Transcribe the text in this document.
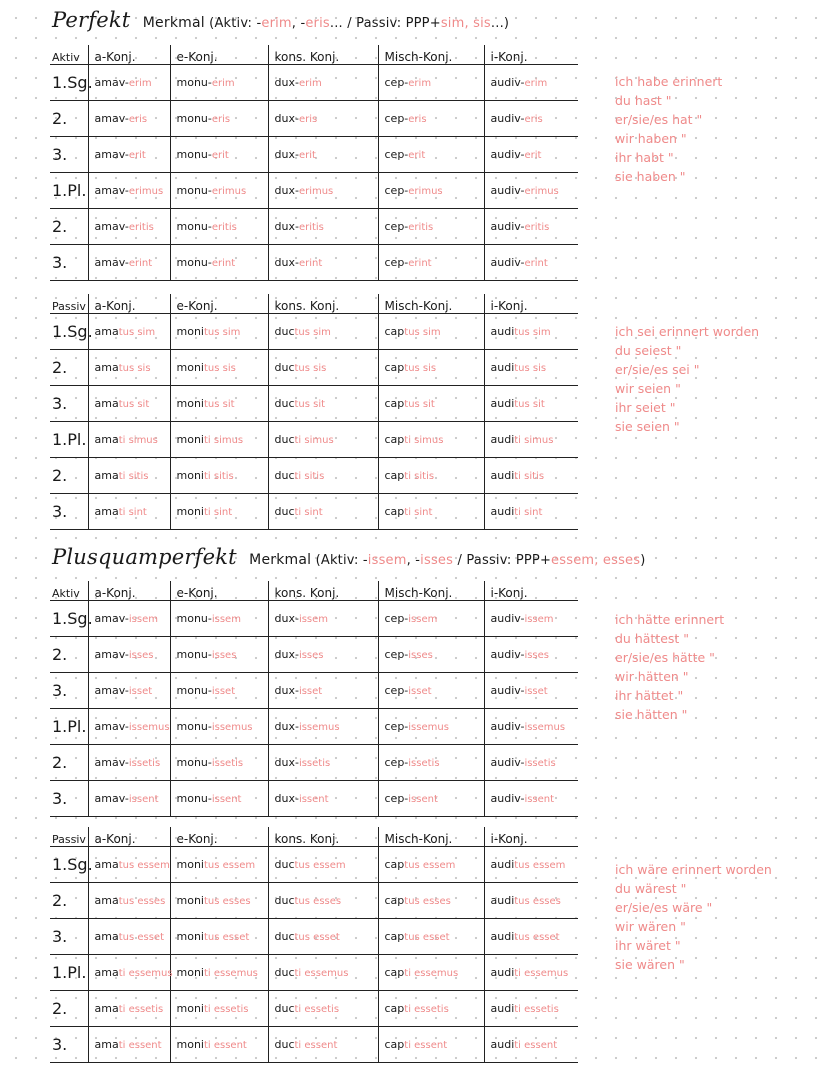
Perfekt Merkmal (Aktiv: -erim, -eris... / Passiv: PPP+sim, sis...)
Plusquamperfekt Merkmal (Aktiv: -issem, -isses / Passiv: PPP+essem, esses)
Aktiv	a-Konj.	e-Konj.	kons. Konj.	Misch-Konj.	i-Konj.
1.Sg.	amav-erim	monu-erim	dux-erim	cep-erim	audiv-erim
2.	amav-eris	monu-eris	dux-eris	cep-eris	audiv-eris
3.	amav-erit	monu-erit	dux-erit	cep-erit	audiv-erit
1.Pl.	amav-erimus	monu-erimus	dux-erimus	cep-erimus	audiv-erimus
2.	amav-eritis	monu-eritis	dux-eritis	cep-eritis	audiv-eritis
3.	amav-erint	monu-erint	dux-erint	cep-erint	audiv-erint
Passiv	a-Konj.	e-Konj.	kons. Konj.	Misch-Konj.	i-Konj.
1.Sg.	amatus sim	monitus sim	ductus sim	captus sim	auditus sim
2.	amatus sis	monitus sis	ductus sis	captus sis	auditus sis
3.	amatus sit	monitus sit	ductus sit	captus sit	auditus sit
1.Pl.	amati simus	moniti simus	ducti simus	capti simus	auditi simus
2.	amati sitis	moniti sitis	ducti sitis	capti sitis	auditi sitis
3.	amati sint	moniti sint	ducti sint	capti sint	auditi sint
Aktiv	a-Konj.	e-Konj.	kons. Konj.	Misch-Konj.	i-Konj.
1.Sg.	amav-issem	monu-issem	dux-issem	cep-issem	audiv-issem
2.	amav-isses	monu-isses	dux-isses	cep-isses	audiv-isses
3.	amav-isset	monu-isset	dux-isset	cep-isset	audiv-isset
1.Pl.	amav-issemus	monu-issemus	dux-issemus	cep-issemus	audiv-issemus
2.	amav-issetis	monu-issetis	dux-issetis	cep-issetis	audiv-issetis
3.	amav-issent	monu-issent	dux-issent	cep-issent	audiv-issent
Passiv	a-Konj.	e-Konj.	kons. Konj.	Misch-Konj.	i-Konj.
1.Sg.	amatus essem	monitus essem	ductus essem	captus essem	auditus essem
2.	amatus esses	monitus esses	ductus esses	captus esses	auditus esses
3.	amatus esset	monitus esset	ductus esset	captus esset	auditus esset
1.Pl.	amati essemus	moniti essemus	ducti essemus	capti essemus	auditi essemus
2.	amati essetis	moniti essetis	ducti essetis	capti essetis	auditi essetis
3.	amati essent	moniti essent	ducti essent	capti essent	auditi essent
ich habe erinnert
du hast "
er/sie/es hat "
wir haben "
ihr habt "
sie haben "
ich sei erinnert worden
du seiest "
er/sie/es sei "
wir seien "
ihr seiet "
sie seien "
ich hätte erinnert
du hättest "
er/sie/es hätte "
wir hätten "
ihr hättet "
sie hätten "
ich wäre erinnert worden
du wärest "
er/sie/es wäre "
wir wären "
ihr wäret "
sie wären "
